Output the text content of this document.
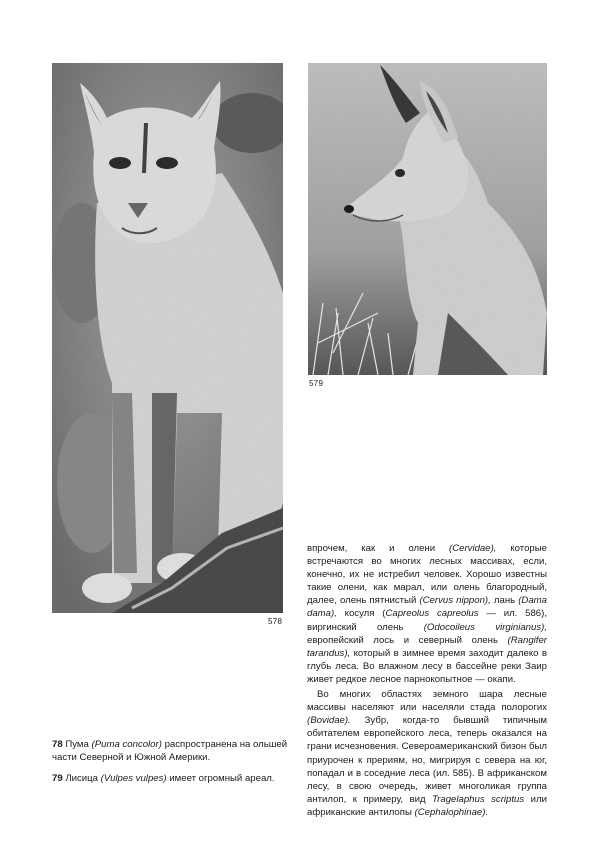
578
579

впрочем, как и олени (Cervidae), которые встречаются во многих лесных массивах, если, конечно, их не истребил человек. Хорошо известны такие олени, как марал, или олень благородный, далее, олень пятнистый (Cervus nippon), лань (Dama dama), косуля (Capreolus capreolus — ил. 586), виргинский олень (Odocoileus virginianus), европейский лось и северный олень (Rangifer tarandus), который в зимнее время заходит далеко в глубь леса. Во влажном лесу в бассейне реки Заир живет редкое лесное парнокопытное — окапи.

Во многих областях земного шара лесные массивы населяют или населяли стада полорогих (Bovidae). Зубр, когда-то бывший типичным обитателем европейского леса, теперь оказался на грани исчезновения. Североамериканский бизон был приурочен к прериям, но, мигрируя с севера на юг, попадал и в соседние леса (ил. 585). В африканском лесу, в свою очередь, живет многоликая группа антилоп, к примеру, вид Tragelaphus scriptus или африканские антилопы (Cephalophinae).

78 Пума (Puma concolor) распространена на ольшей части Северной и Южной Америки.

79 Лисица (Vulpes vulpes) имеет огромный ареал.
